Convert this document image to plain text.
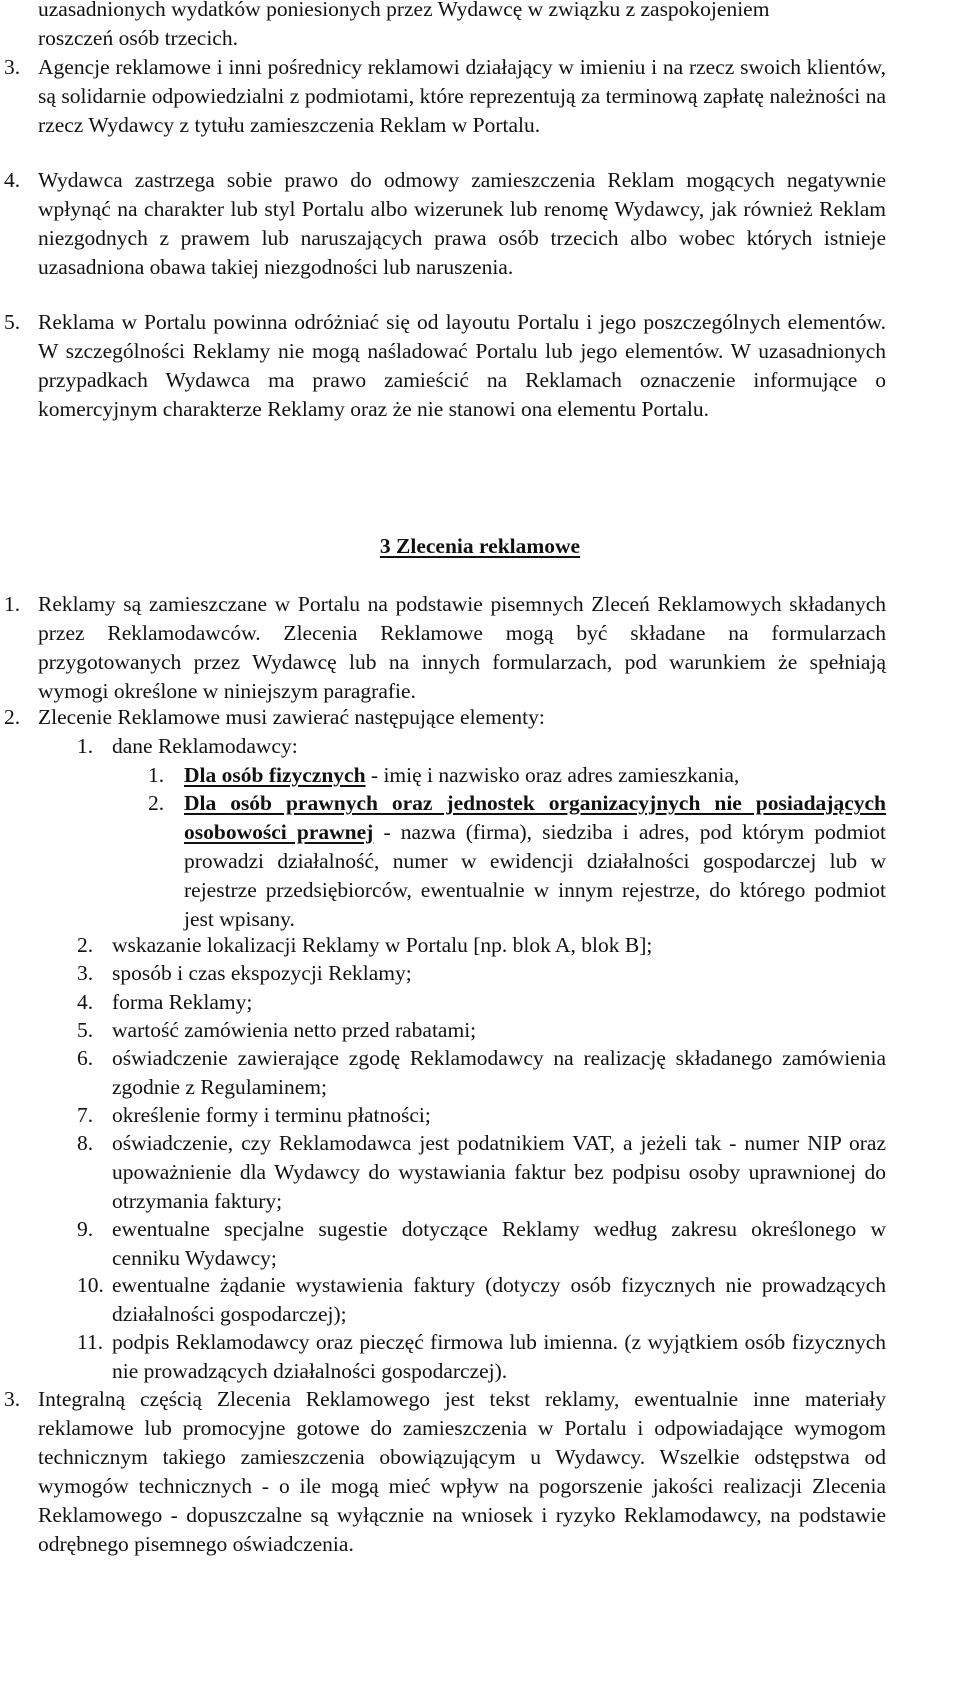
uzasadnionych wydatków poniesionych przez Wydawcę w związku z zaspokojeniem

roszczeń osób trzecich.

3. Agencje reklamowe i inni pośrednicy reklamowi działający w imieniu i na rzecz swoich klientów, są solidarnie odpowiedzialni z podmiotami, które reprezentują za terminową zapłatę należności na rzecz Wydawcy z tytułu zamieszczenia Reklam w Portalu.

4. Wydawca zastrzega sobie prawo do odmowy zamieszczenia Reklam mogących negatywnie wpłynąć na charakter lub styl Portalu albo wizerunek lub renomę Wydawcy, jak również Reklam niezgodnych z prawem lub naruszających prawa osób trzecich albo wobec których istnieje uzasadniona obawa takiej niezgodności lub naruszenia.

5. Reklama w Portalu powinna odróżniać się od layoutu Portalu i jego poszczególnych elementów. W szczególności Reklamy nie mogą naśladować Portalu lub jego elementów. W uzasadnionych przypadkach Wydawca ma prawo zamieścić na Reklamach oznaczenie informujące o komercyjnym charakterze Reklamy oraz że nie stanowi ona elementu Portalu.

3 Zlecenia reklamowe

1. Reklamy są zamieszczane w Portalu na podstawie pisemnych Zleceń Reklamowych składanych przez Reklamodawców. Zlecenia Reklamowe mogą być składane na formularzach przygotowanych przez Wydawcę lub na innych formularzach, pod warunkiem że spełniają wymogi określone w niniejszym paragrafie.

2. Zlecenie Reklamowe musi zawierać następujące elementy:

1. dane Reklamodawcy:

1. Dla osób fizycznych - imię i nazwisko oraz adres zamieszkania,

2. Dla osób prawnych oraz jednostek organizacyjnych nie posiadających osobowości prawnej - nazwa (firma), siedziba i adres, pod którym podmiot prowadzi działalność, numer w ewidencji działalności gospodarczej lub w rejestrze przedsiębiorców, ewentualnie w innym rejestrze, do którego podmiot jest wpisany.

2. wskazanie lokalizacji Reklamy w Portalu [np. blok A, blok B];

3. sposób i czas ekspozycji Reklamy;

4. forma Reklamy;

5. wartość zamówienia netto przed rabatami;

6. oświadczenie zawierające zgodę Reklamodawcy na realizację składanego zamówienia zgodnie z Regulaminem;

7. określenie formy i terminu płatności;

8. oświadczenie, czy Reklamodawca jest podatnikiem VAT, a jeżeli tak - numer NIP oraz upoważnienie dla Wydawcy do wystawiania faktur bez podpisu osoby uprawnionej do otrzymania faktury;

9. ewentualne specjalne sugestie dotyczące Reklamy według zakresu określonego w cenniku Wydawcy;

10. ewentualne żądanie wystawienia faktury (dotyczy osób fizycznych nie prowadzących działalności gospodarczej);

11. podpis Reklamodawcy oraz pieczęć firmowa lub imienna. (z wyjątkiem osób fizycznych nie prowadzących działalności gospodarczej).

3. Integralną częścią Zlecenia Reklamowego jest tekst reklamy, ewentualnie inne materiały reklamowe lub promocyjne gotowe do zamieszczenia w Portalu i odpowiadające wymogom technicznym takiego zamieszczenia obowiązującym u Wydawcy. Wszelkie odstępstwa od wymogów technicznych - o ile mogą mieć wpływ na pogorszenie jakości realizacji Zlecenia Reklamowego - dopuszczalne są wyłącznie na wniosek i ryzyko Reklamodawcy, na podstawie odrębnego pisemnego oświadczenia.
